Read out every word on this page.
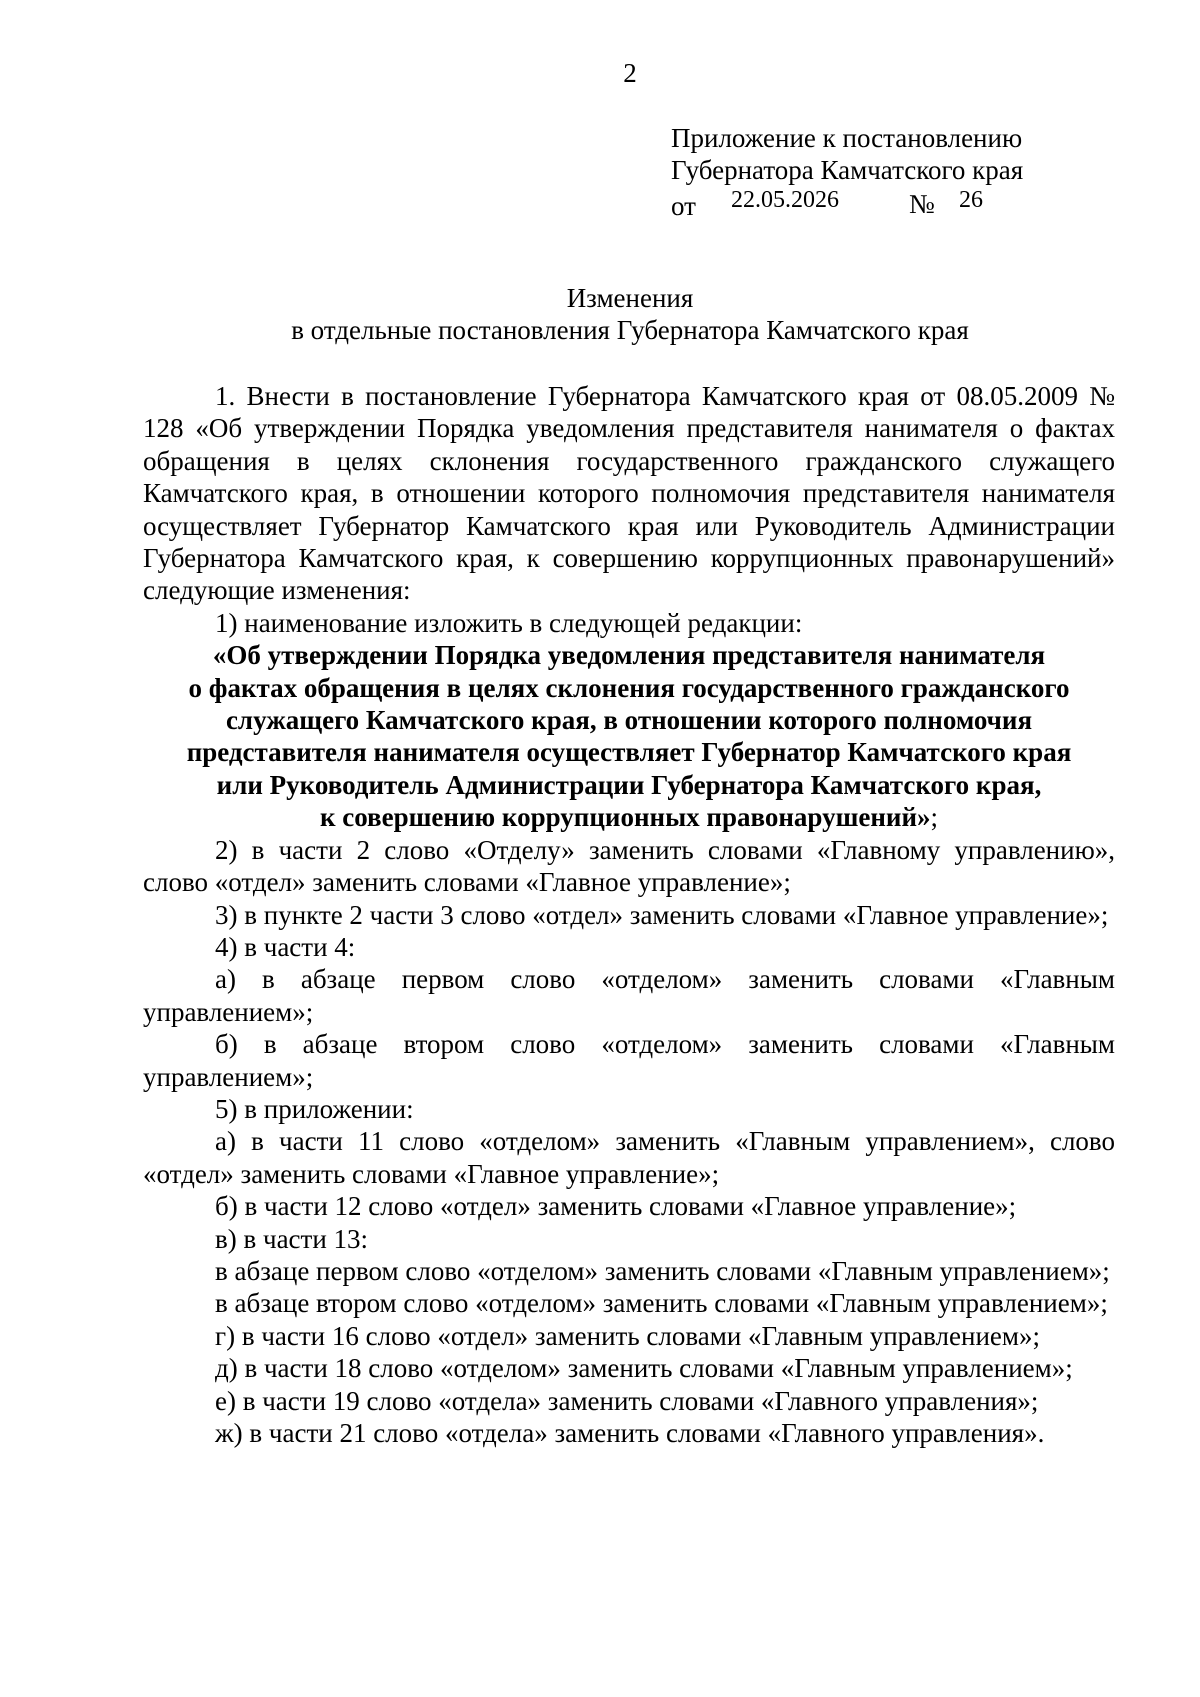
2
Приложение к постановлению
Губернатора Камчатского края
от 22.05.2026	№ 26
Изменения
в отдельные постановления Губернатора Камчатского края

1. Внести в постановление Губернатора Камчатского края от 08.05.2009 № 128 «Об утверждении Порядка уведомления представителя нанимателя о фактах обращения в целях склонения государственного гражданского служащего Камчатского края, в отношении которого полномочия представителя нанимателя осуществляет Губернатор Камчатского края или Руководитель Администрации Губернатора Камчатского края, к совершению коррупционных правонарушений» следующие изменения:

1) наименование изложить в следующей редакции:

«Об утверждении Порядка уведомления представителя нанимателя
о фактах обращения в целях склонения государственного гражданского
служащего Камчатского края, в отношении которого полномочия
представителя нанимателя осуществляет Губернатор Камчатского края
или Руководитель Администрации Губернатора Камчатского края,
к совершению коррупционных правонарушений»;

2) в части 2 слово «Отделу» заменить словами «Главному управлению», слово «отдел» заменить словами «Главное управление»;

3) в пункте 2 части 3 слово «отдел» заменить словами «Главное управление»;

4) в части 4:

а) в абзаце первом слово «отделом» заменить словами «Главным управлением»;

б) в абзаце втором слово «отделом» заменить словами «Главным управлением»;

5) в приложении:

а) в части 11 слово «отделом» заменить «Главным управлением», слово «отдел» заменить словами «Главное управление»;

б) в части 12 слово «отдел» заменить словами «Главное управление»;

в) в части 13:

в абзаце первом слово «отделом» заменить словами «Главным управлением»;

в абзаце втором слово «отделом» заменить словами «Главным управлением»;

г) в части 16 слово «отдел» заменить словами «Главным управлением»;

д) в части 18 слово «отделом» заменить словами «Главным управлением»;

е) в части 19 слово «отдела» заменить словами «Главного управления»;

ж) в части 21 слово «отдела» заменить словами «Главного управления».
